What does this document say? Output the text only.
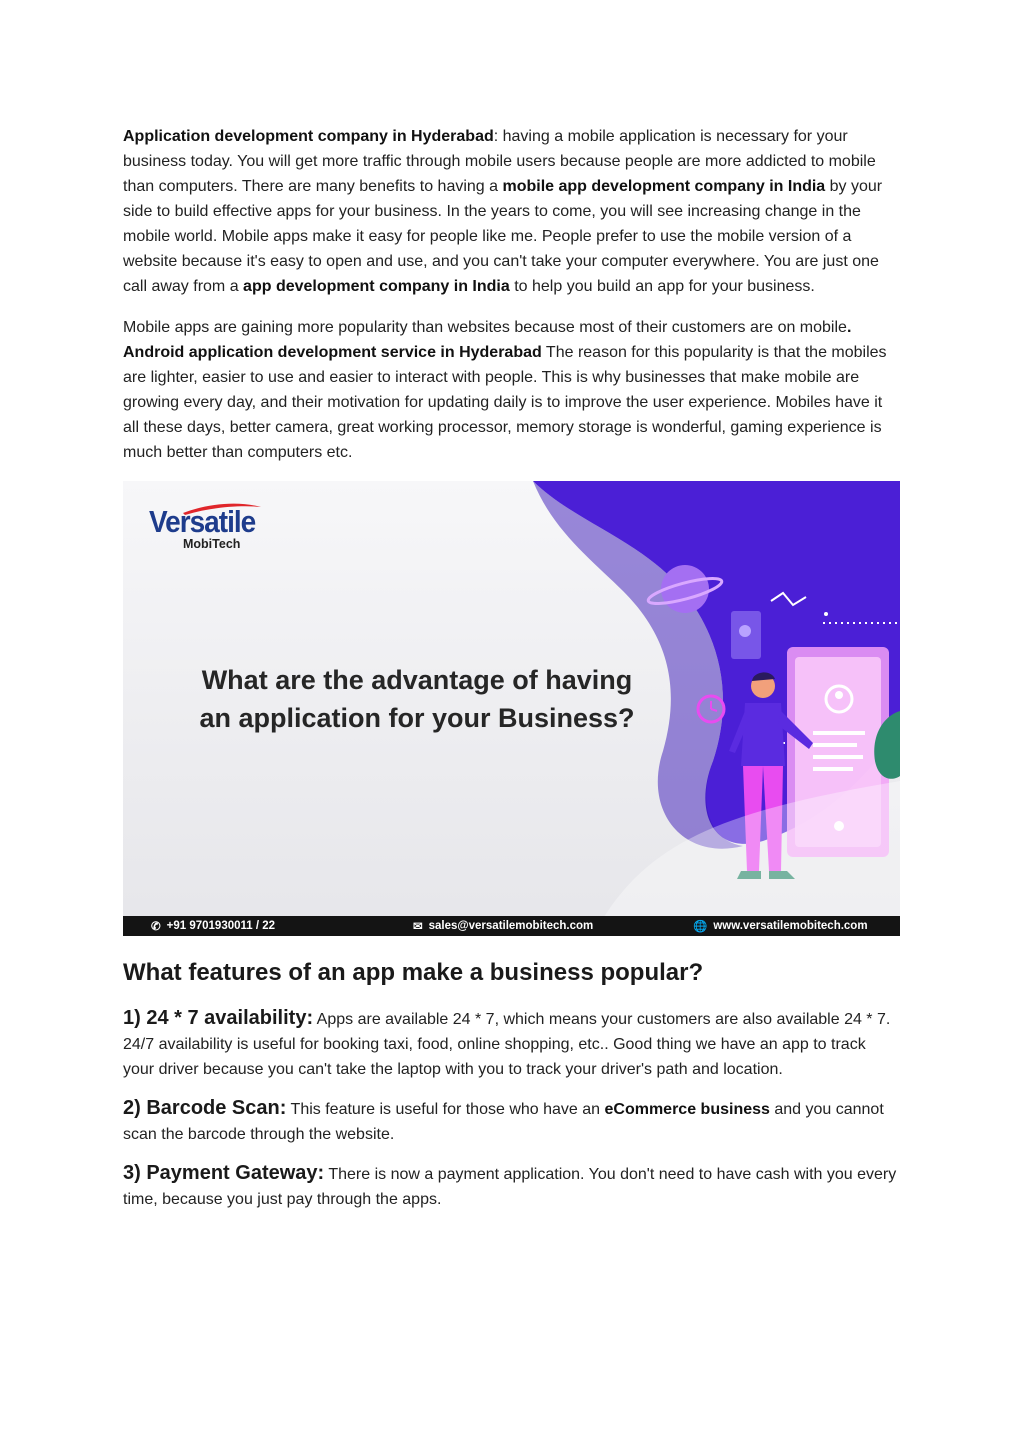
Application development company in Hyderabad: having a mobile application is necessary for your business today. You will get more traffic through mobile users because people are more addicted to mobile than computers. There are many benefits to having a mobile app development company in India by your side to build effective apps for your business. In the years to come, you will see increasing change in the mobile world. Mobile apps make it easy for people like me. People prefer to use the mobile version of a website because it's easy to open and use, and you can't take your computer everywhere. You are just one call away from a app development company in India to help you build an app for your business.

Mobile apps are gaining more popularity than websites because most of their customers are on mobile. Android application development service in Hyderabad The reason for this popularity is that the mobiles are lighter, easier to use and easier to interact with people. This is why businesses that make mobile are growing every day, and their motivation for updating daily is to improve the user experience. Mobiles have it all these days, better camera, great working processor, memory storage is wonderful, gaming experience is much better than computers etc.

Versatile
MobiTech
What are the advantage of having
an application for your Business?
✆ +91 9701930011 / 22	✉ sales@versatilemobitech.com	🌐 www.versatilemobitech.com
What features of an app make a business popular?

1) 24 * 7 availability: Apps are available 24 * 7, which means your customers are also available 24 * 7. 24/7 availability is useful for booking taxi, food, online shopping, etc.. Good thing we have an app to track your driver because you can't take the laptop with you to track your driver's path and location.

2) Barcode Scan: This feature is useful for those who have an eCommerce business and you cannot scan the barcode through the website.

3) Payment Gateway: There is now a payment application. You don't need to have cash with you every time, because you just pay through the apps.
